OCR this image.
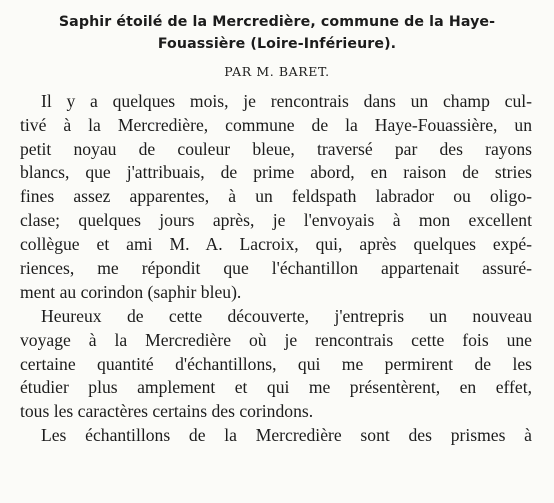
Saphir étoilé de la Mercredière, commune de la Haye-
Fouassière (Loire-Inférieure).
PAR M. BARET.
Il y a quelques mois, je rencontrais dans un champ cul-
tivé à la Mercredière, commune de la Haye-Fouassière, un
petit noyau de couleur bleue, traversé par des rayons
blancs, que j'attribuais, de prime abord, en raison de stries
fines assez apparentes, à un feldspath labrador ou oligo-
clase; quelques jours après, je l'envoyais à mon excellent
collègue et ami M. A. Lacroix, qui, après quelques expé-
riences, me répondit que l'échantillon appartenait assuré-
ment au corindon (saphir bleu).
Heureux de cette découverte, j'entrepris un nouveau
voyage à la Mercredière où je rencontrais cette fois une
certaine quantité d'échantillons, qui me permirent de les
étudier plus amplement et qui me présentèrent, en effet,
tous les caractères certains des corindons.
Les échantillons de la Mercredière sont des prismes à
